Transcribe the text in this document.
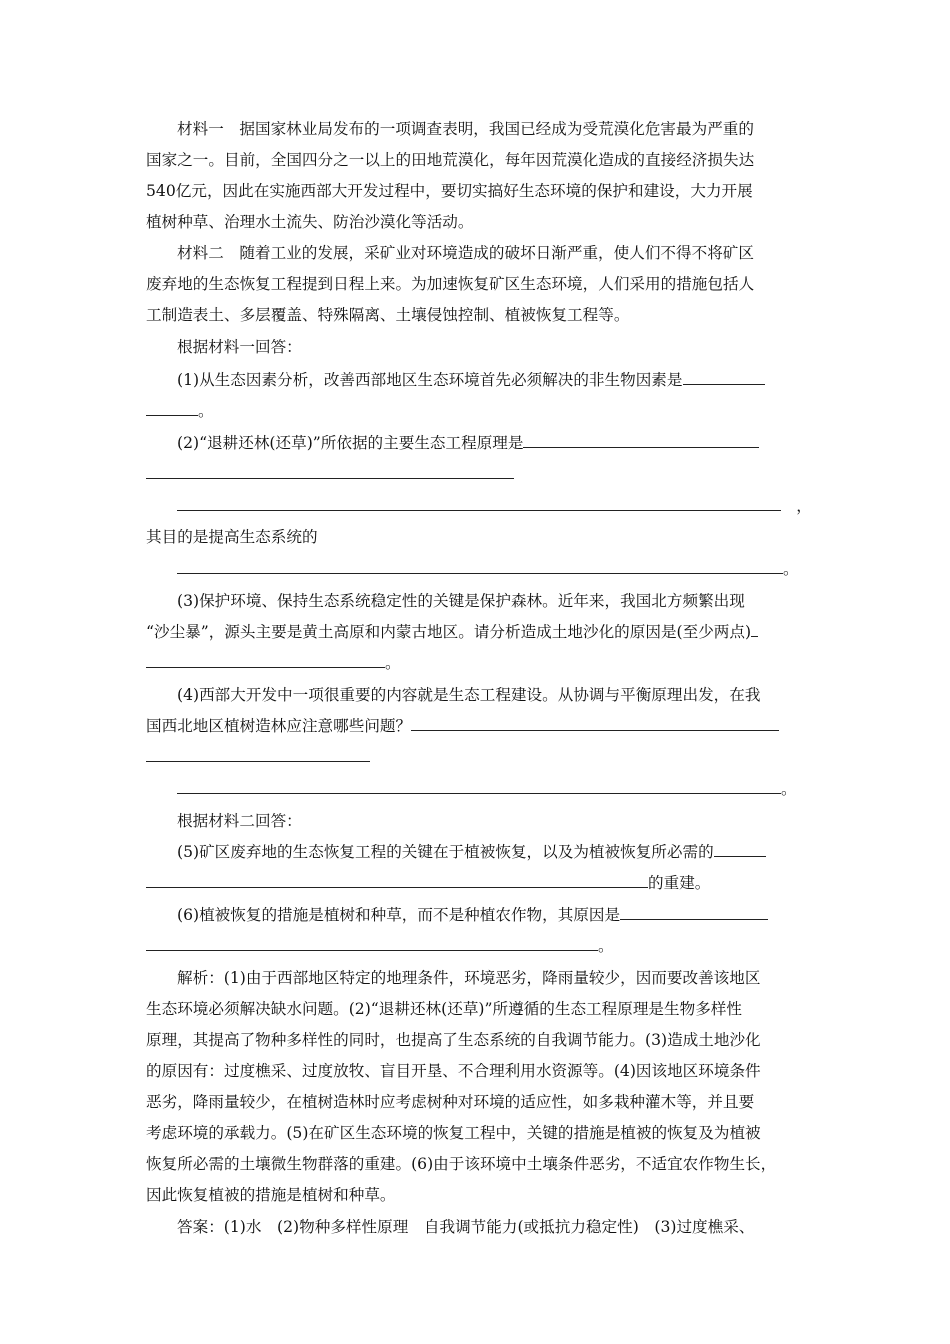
材料一　据国家林业局发布的一项调查表明，我国已经成为受荒漠化危害最为严重的
国家之一。目前，全国四分之一以上的田地荒漠化，每年因荒漠化造成的直接经济损失达
540亿元，因此在实施西部大开发过程中，要切实搞好生态环境的保护和建设，大力开展
植树种草、治理水土流失、防治沙漠化等活动。
材料二　随着工业的发展，采矿业对环境造成的破坏日渐严重，使人们不得不将矿区
废弃地的生态恢复工程提到日程上来。为加速恢复矿区生态环境，人们采用的措施包括人
工制造表土、多层覆盖、特殊隔离、土壤侵蚀控制、植被恢复工程等。
根据材料一回答：
(1)从生态因素分析，改善西部地区生态环境首先必须解决的非生物因素是
。
(2)“退耕还林(还草)”所依据的主要生态工程原理是
　，
其目的是提高生态系统的
。
(3)保护环境、保持生态系统稳定性的关键是保护森林。近年来，我国北方频繁出现
“沙尘暴”，源头主要是黄土高原和内蒙古地区。请分析造成土地沙化的原因是(至少两点)
。
(4)西部大开发中一项很重要的内容就是生态工程建设。从协调与平衡原理出发，在我
国西北地区植树造林应注意哪些问题？
。
根据材料二回答：
(5)矿区废弃地的生态恢复工程的关键在于植被恢复，以及为植被恢复所必需的
的重建。
(6)植被恢复的措施是植树和种草，而不是种植农作物，其原因是
。
解析：(1)由于西部地区特定的地理条件，环境恶劣，降雨量较少，因而要改善该地区
生态环境必须解决缺水问题。(2)“退耕还林(还草)”所遵循的生态工程原理是生物多样性
原理，其提高了物种多样性的同时，也提高了生态系统的自我调节能力。(3)造成土地沙化
的原因有：过度樵采、过度放牧、盲目开垦、不合理利用水资源等。(4)因该地区环境条件
恶劣，降雨量较少，在植树造林时应考虑树种对环境的适应性，如多栽种灌木等，并且要
考虑环境的承载力。(5)在矿区生态环境的恢复工程中，关键的措施是植被的恢复及为植被
恢复所必需的土壤微生物群落的重建。(6)由于该环境中土壤条件恶劣，不适宜农作物生长，
因此恢复植被的措施是植树和种草。
答案：(1)水　(2)物种多样性原理　自我调节能力(或抵抗力稳定性)　(3)过度樵采、
